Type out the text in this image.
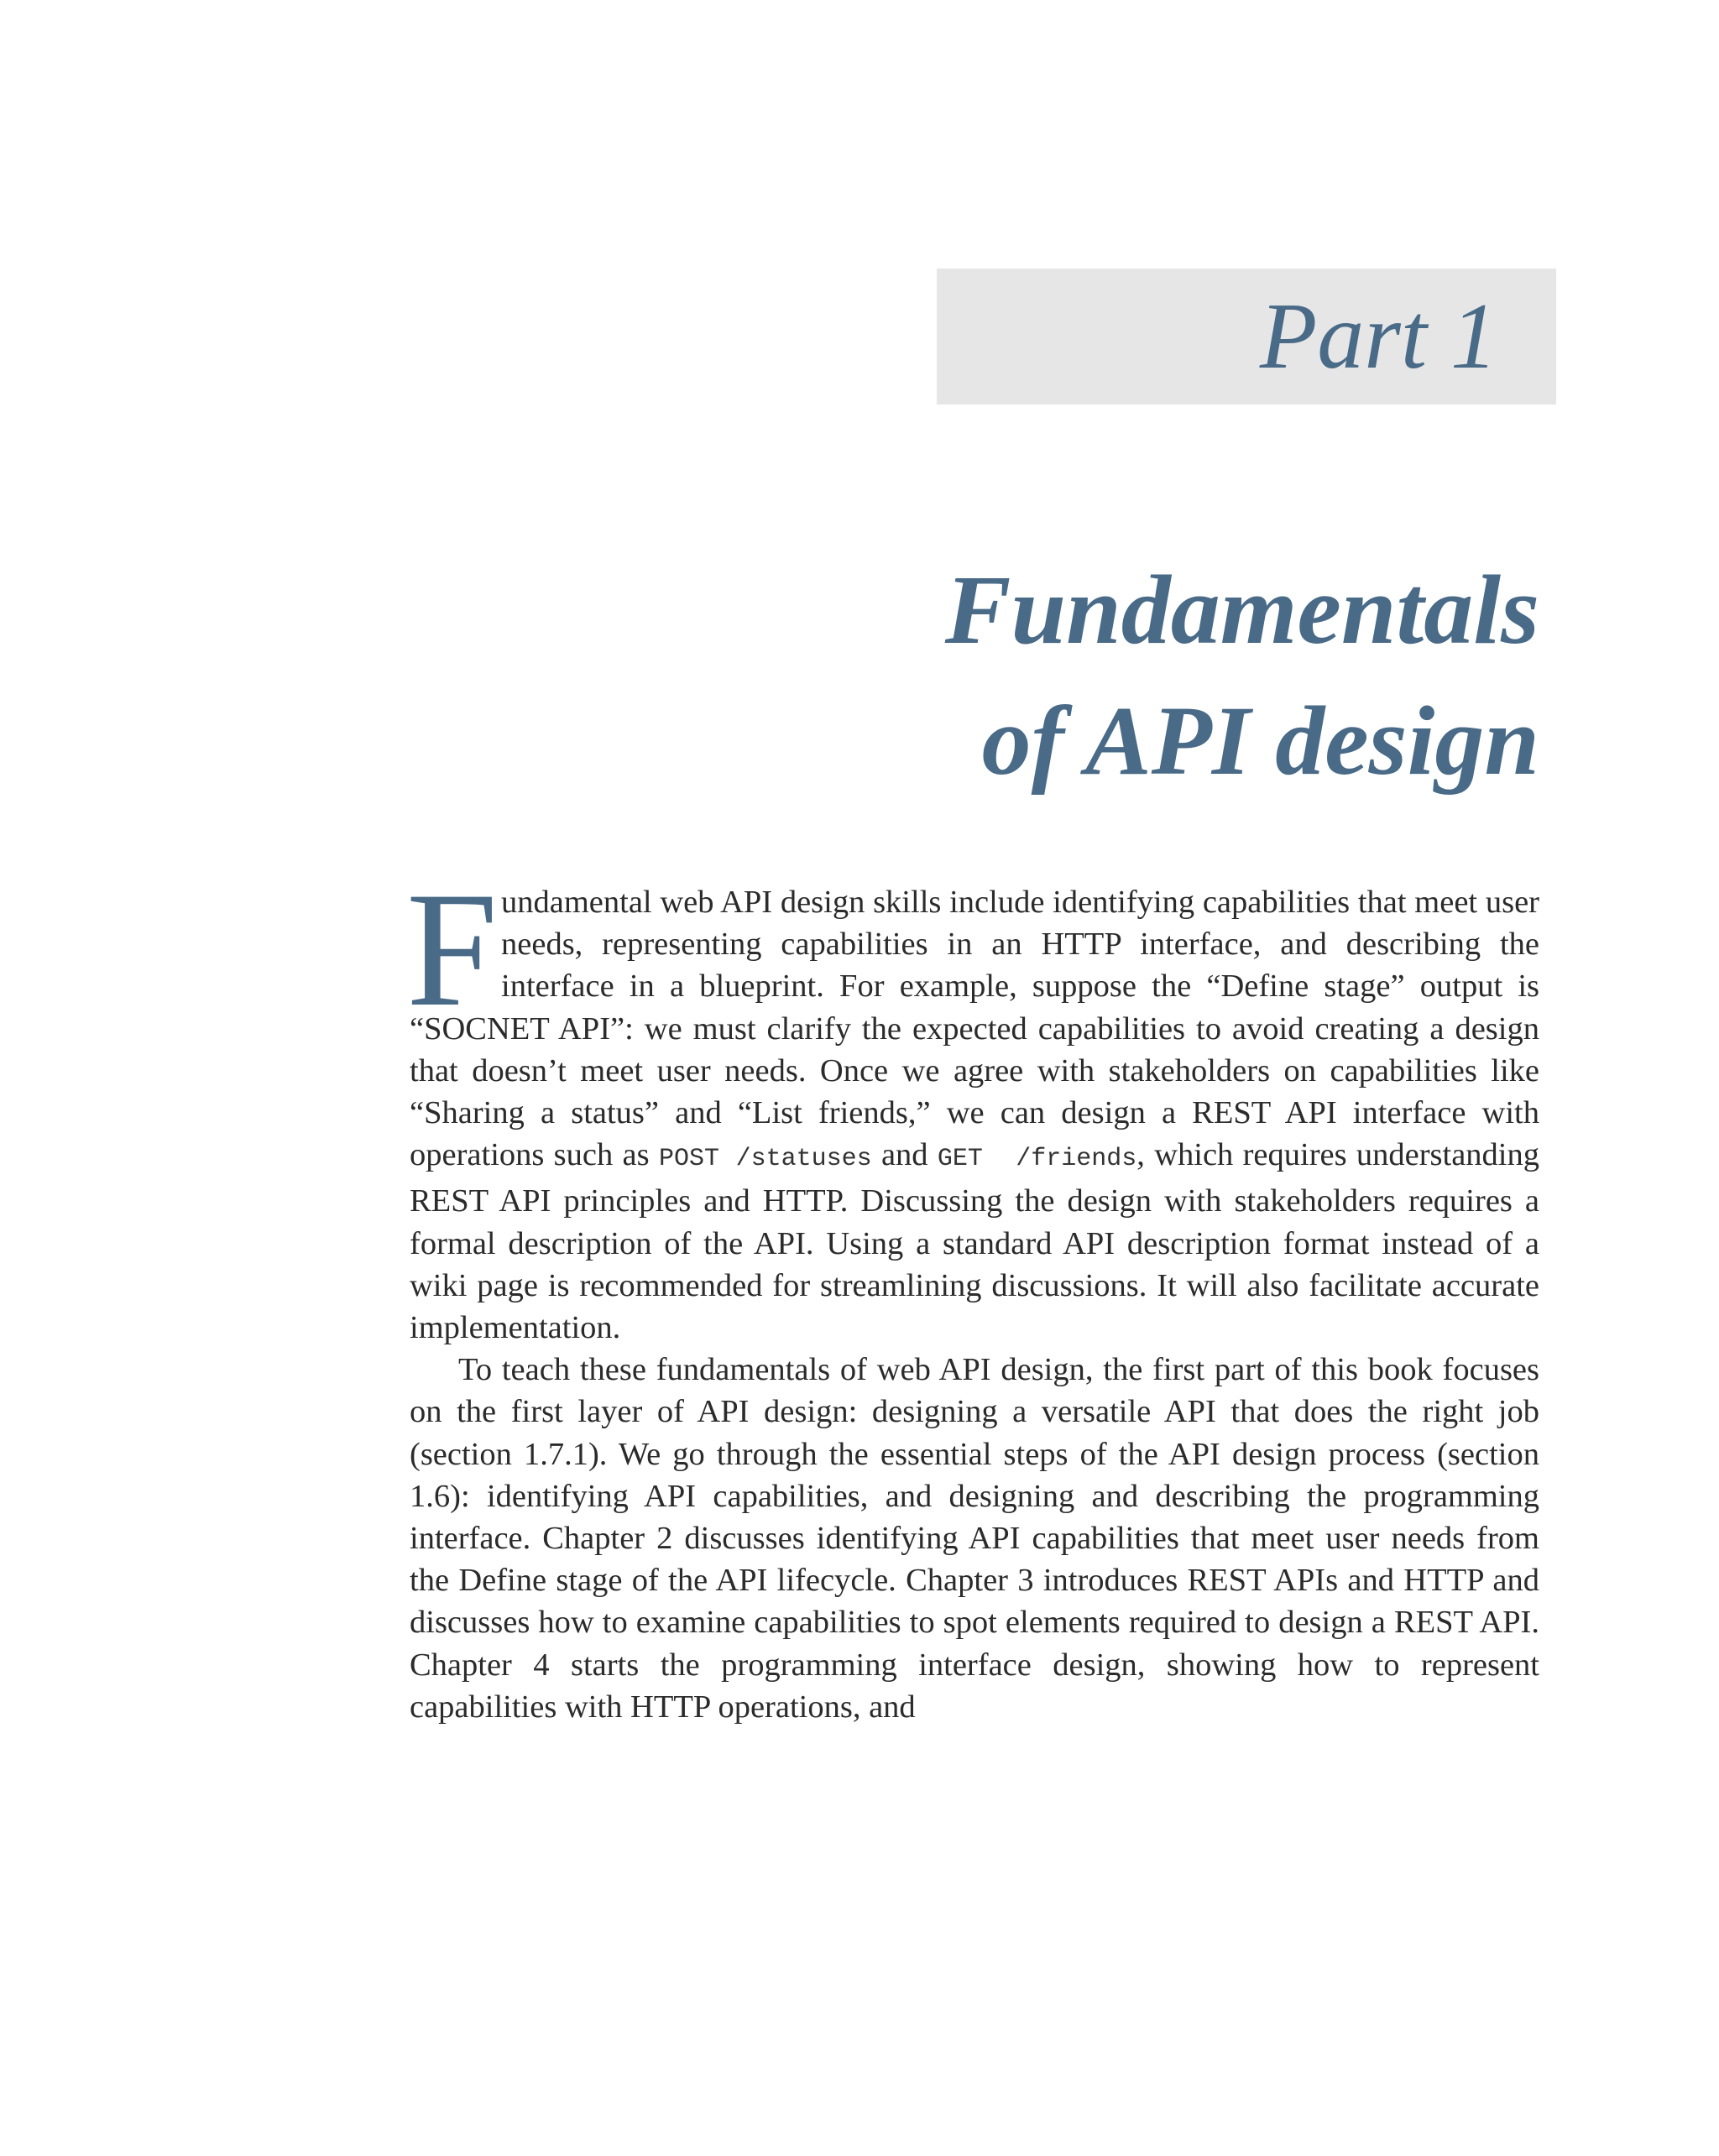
Part 1
Fundamentals
of API design

Fundamental web API design skills include identifying capabilities that meet user needs, representing capabilities in an HTTP interface, and describing the interface in a blueprint. For example, suppose the “Define stage” output is “SOCNET API”: we must clarify the expected capabilities to avoid creating a design that doesn’t meet user needs. Once we agree with stakeholders on capabilities like “Sharing a status” and “List friends,” we can design a REST API interface with operations such as POST /statuses and GET  /friends, which requires understanding REST API principles and HTTP. Discussing the design with stakeholders requires a formal description of the API. Using a standard API description format instead of a wiki page is recommended for streamlining discussions. It will also facilitate accurate implementation.

To teach these fundamentals of web API design, the first part of this book focuses on the first layer of API design: designing a versatile API that does the right job (section 1.7.1). We go through the essential steps of the API design process (section 1.6): identifying API capabilities, and designing and describing the programming interface. Chapter 2 discusses identifying API capabilities that meet user needs from the Define stage of the API lifecycle. Chapter 3 introduces REST APIs and HTTP and discusses how to examine capabilities to spot elements required to design a REST API. Chapter 4 starts the programming interface design, showing how to represent capabilities with HTTP operations, and
